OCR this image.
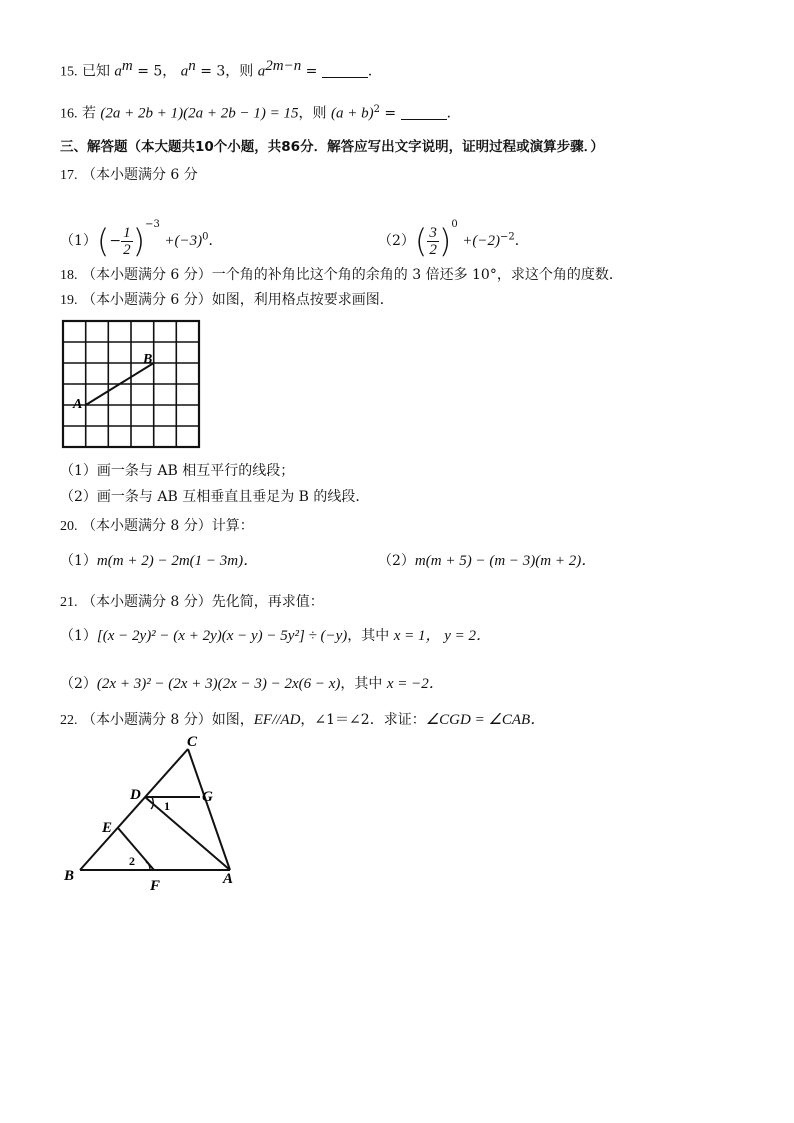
15. 已知 $a^m = 5$， $a^n = 3$，则 $a^{2m-n}$ =	．
16. 若 (2a + 2b + 1)(2a + 2b − 1) = 15，则 $(a + b)^2$ =	．
三、解答题（本大题共10个小题，共86分．解答应写出文字说明，证明过程或演算步骤．）
17. （本小题满分 6 分
$(1)(- \frac{1}{2} )^{-3} +(-3)^0$．	$(2)( \frac{3}{2} )^0 +(-2)^{-2}$．
18. （本小题满分 6 分）一个角的补角比这个角的余角的 3 倍还多 10°，求这个角的度数．
19. （本小题满分 6 分）如图，利用格点按要求画图．
A
B
（1）画一条与 AB 相互平行的线段；
（2）画一条与 AB 互相垂直且垂足为 B 的线段．
20. （本小题满分 8 分）计算：
（1）m(m + 2) − 2m(1 − 3m)．	（2）m(m + 5) − (m − 3)(m + 2)．
21. （本小题满分 8 分）先化简，再求值：
（1）[(x − 2y)² − (x + 2y)(x − y) − 5y²] ÷ (−y)，其中 x = 1， y = 2．
（2）(2x + 3)² − (2x + 3)(2x − 3) − 2x(6 − x)，其中 x = −2．
22. （本小题满分 8 分）如图，EF//AD，∠1＝∠2．求证：∠CGD = ∠CAB．
C
D	G
E
B
F	A
1
2
